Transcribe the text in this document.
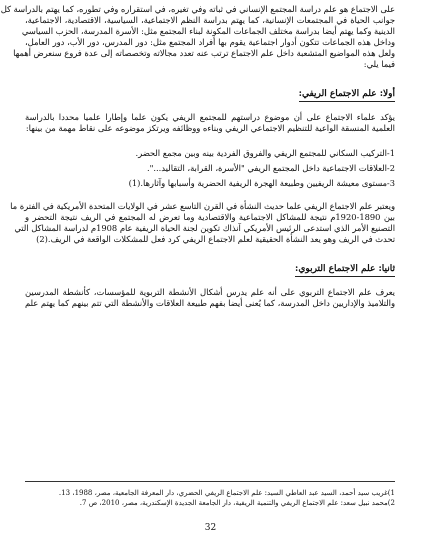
على الاجتماع هو علم دراسة المجتمع الإنساني في ثباته وفي تغيره، في استقراره وفي تطوره، كما يهتم بالدراسة كل
جوانب الحياة في المجتمعات الإنسانية، كما يهتم بدراسة النظم الاجتماعية، السياسية، الاقتصادية، الاجتماعية،
الدينية وكما يهتم أيضا بدراسة مختلف الجماعات المكونة لبناء المجتمع مثل: الأسرة المدرسة، الحزب السياسي
وداخل هذه الجماعات تتكون أدوار اجتماعية يقوم بها أفراد المجتمع مثل: دور المدرس، دور الأب، دور العامل،
ولعل هذه المواضيع المتشعبة داخل علم الاجتماع ترتب عنه تعدد مجالاته وتخصصاته إلى عدة فروع سنعرض أهمها
فيما يلي:
أولا: علم الاجتماع الريفي:
يؤكد علماء الاجتماع على أن موضوع دراستهم للمجتمع الريفي يكون علما وإطارا علميا محددا بالدراسة
العلمية المنسقة الواعية للتنظيم الاجتماعي الريفي وبناءه ووظائفه ويرتكز موضوعه على نقاط مهمة من بينها:
1-التركيب السكاني للمجتمع الريفي والفروق الفردية بينه وبين مجمع الحضر.
2-العلاقات الاجتماعية داخل المجتمع الريفي "الأسرة، القرابة، التقاليد...".
3-مستوى معيشة الريفيين وطبيعة الهجرة الريفية الحضرية وأسبابها وآثارها.(1)
ويعتبر علم الاجتماع الريفي علما حديث النشأة في القرن التاسع عشر في الولايات المتحدة الأمريكية في الفترة ما
بين 1890-1920م نتيجة للمشاكل الاجتماعية والاقتصادية وما تعرض له المجتمع في الريف نتيجة التحضر و
التصنيع الأمر الذي استدعى الرئيس الأمريكي آنذاك تكوين لجنة الحياة الريفية عام 1908م لدراسة المشاكل التي
تحدث في الريف وهو يعد النشأة الحقيقية لعلم الاجتماع الريفي كرد فعل للمشكلات الواقعة في الريف.(2)
ثانيا: علم الاجتماع التربوي:
يعرف علم الاجتماع التربوي على أنه علم يدرس أشكال الأنشطة التربوية للمؤسسات، كأنشطة المدرسين
والتلاميذ والإداريين داخل المدرسة، كما يُعنى أيضا بفهم طبيعة العلاقات والأنشطة التي تتم بينهم كما يهتم علم
1)غريب سيد أحمد، السيد عبد العاطي السيد: علم الاجتماع الريفي الحضري، دار المعرفة الجامعية، مصر، 1988، 13.
2)محمد نبيل سعد: علم الاجتماع الريفي والتنمية الريفية، دار الجامعة الجديدة الإسكندرية، مصر، 2010، ص 7.
32
